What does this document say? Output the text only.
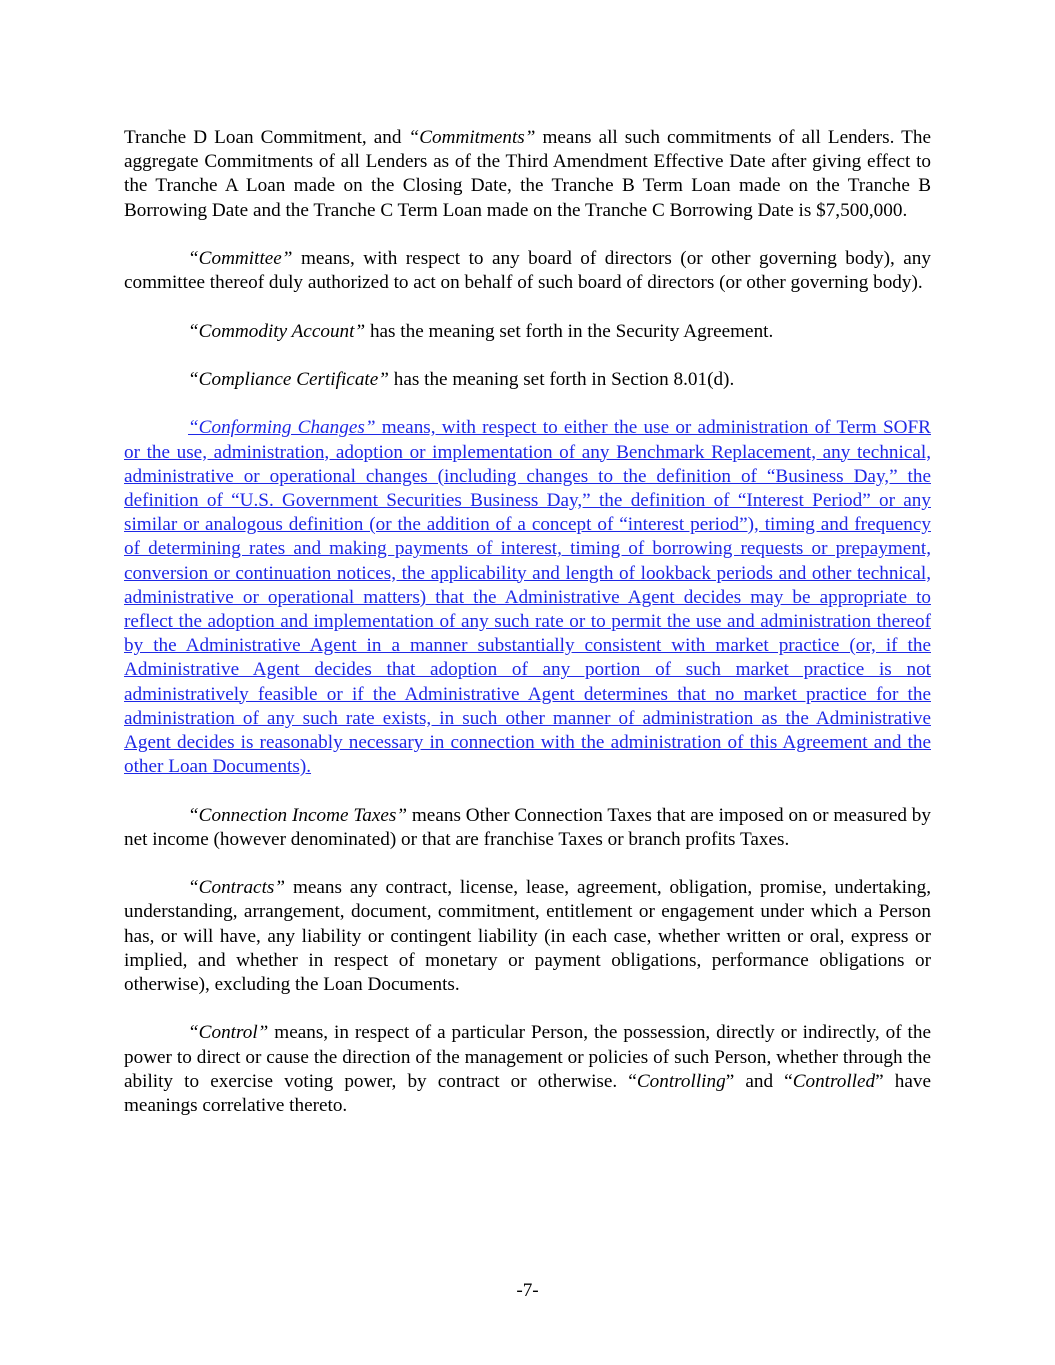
Tranche D Loan Commitment, and “Commitments” means all such commitments of all Lenders. The aggregate Commitments of all Lenders as of the Third Amendment Effective Date after giving effect to the Tranche A Loan made on the Closing Date, the Tranche B Term Loan made on the Tranche B Borrowing Date and the Tranche C Term Loan made on the Tranche C Borrowing Date is $7,500,000.

“Committee” means, with respect to any board of directors (or other governing body), any committee thereof duly authorized to act on behalf of such board of directors (or other governing body).

“Commodity Account” has the meaning set forth in the Security Agreement.

“Compliance Certificate” has the meaning set forth in Section 8.01(d).

“Conforming Changes” means, with respect to either the use or administration of Term SOFR or the use, administration, adoption or implementation of any Benchmark Replacement, any technical, administrative or operational changes (including changes to the definition of “Business Day,” the definition of “U.S. Government Securities Business Day,” the definition of “Interest Period” or any similar or analogous definition (or the addition of a concept of “interest period”), timing and frequency of determining rates and making payments of interest, timing of borrowing requests or prepayment, conversion or continuation notices, the applicability and length of lookback periods and other technical, administrative or operational matters) that the Administrative Agent decides may be appropriate to reflect the adoption and implementation of any such rate or to permit the use and administration thereof by the Administrative Agent in a manner substantially consistent with market practice (or, if the Administrative Agent decides that adoption of any portion of such market practice is not administratively feasible or if the Administrative Agent determines that no market practice for the administration of any such rate exists, in such other manner of administration as the Administrative Agent decides is reasonably necessary in connection with the administration of this Agreement and the other Loan Documents).

“Connection Income Taxes” means Other Connection Taxes that are imposed on or measured by net income (however denominated) or that are franchise Taxes or branch profits Taxes.

“Contracts” means any contract, license, lease, agreement, obligation, promise, undertaking, understanding, arrangement, document, commitment, entitlement or engagement under which a Person has, or will have, any liability or contingent liability (in each case, whether written or oral, express or implied, and whether in respect of monetary or payment obligations, performance obligations or otherwise), excluding the Loan Documents.

“Control” means, in respect of a particular Person, the possession, directly or indirectly, of the power to direct or cause the direction of the management or policies of such Person, whether through the ability to exercise voting power, by contract or otherwise. “Controlling” and “Controlled” have meanings correlative thereto.

-7-
